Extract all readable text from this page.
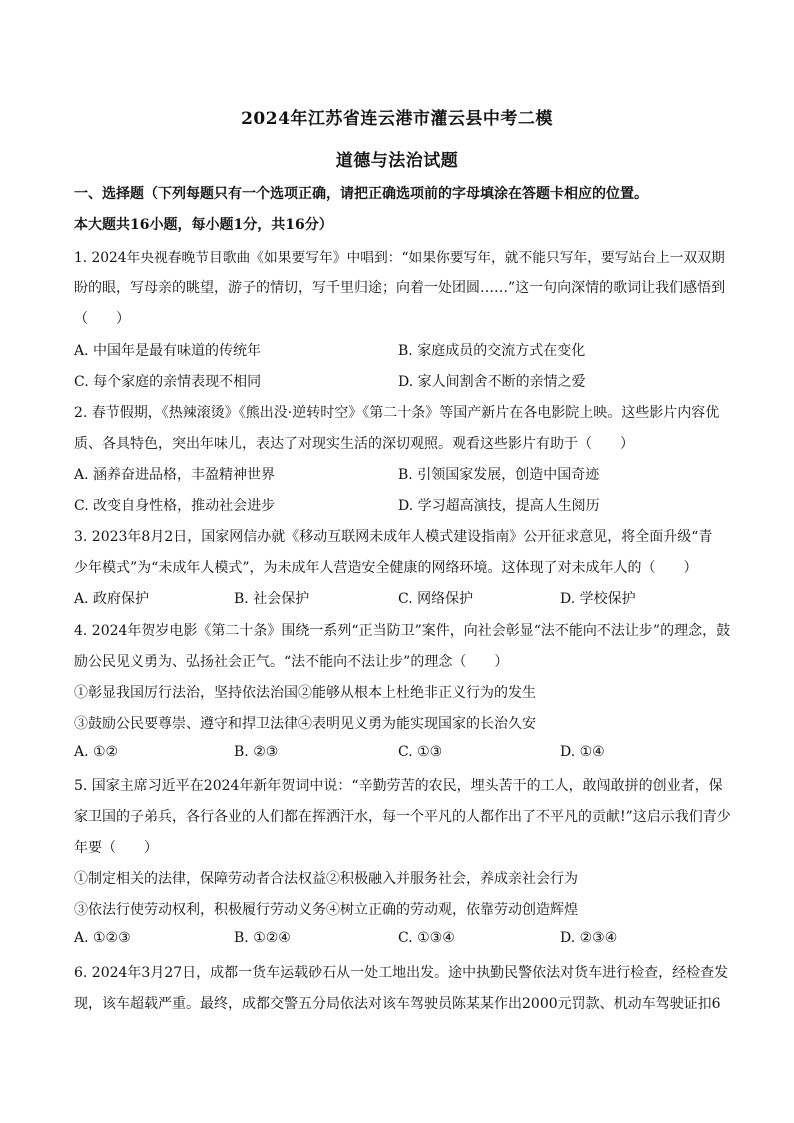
2024年江苏省连云港市灌云县中考二模
道德与法治试题
一、选择题（下列每题只有一个选项正确，请把正确选项前的字母填涂在答题卡相应的位置。
本大题共16小题，每小题1分，共16分）
1. 2024年央视春晚节目歌曲《如果要写年》中唱到：“如果你要写年，就不能只写年，要写站台上一双双期
盼的眼，写母亲的眺望，游子的情切，写千里归途；向着一处团圆……”这一句向深情的歌词让我们感悟到
（　　）
A. 中国年是最有味道的传统年	B. 家庭成员的交流方式在变化
C. 每个家庭的亲情表现不相同	D. 家人间割舍不断的亲情之爱
2. 春节假期，《热辣滚烫》《熊出没·逆转时空》《第二十条》等国产新片在各电影院上映。这些影片内容优
质、各具特色，突出年味儿，表达了对现实生活的深切观照。观看这些影片有助于（　　）
A. 涵养奋进品格，丰盈精神世界	B. 引领国家发展，创造中国奇迹
C. 改变自身性格，推动社会进步	D. 学习超高演技，提高人生阅历
3. 2023年8月2日，国家网信办就《移动互联网未成年人模式建设指南》公开征求意见，将全面升级“青
少年模式”为“未成年人模式”，为未成年人营造安全健康的网络环境。这体现了对未成年人的（　　）
A. 政府保护	B. 社会保护	C. 网络保护	D. 学校保护
4. 2024年贺岁电影《第二十条》围绕一系列“正当防卫”案件，向社会彰显“法不能向不法让步”的理念，鼓
励公民见义勇为、弘扬社会正气。“法不能向不法让步”的理念（　　）
①彰显我国厉行法治，坚持依法治国②能够从根本上杜绝非正义行为的发生
③鼓励公民要尊崇、遵守和捍卫法律④表明见义勇为能实现国家的长治久安
A. ①②	B. ②③	C. ①③	D. ①④
5. 国家主席习近平在2024年新年贺词中说：“辛勤劳苦的农民，埋头苦干的工人，敢闯敢拼的创业者，保
家卫国的子弟兵，各行各业的人们都在挥洒汗水，每一个平凡的人都作出了不平凡的贡献!”这启示我们青少
年要（　　）
①制定相关的法律，保障劳动者合法权益②积极融入并服务社会，养成亲社会行为
③依法行使劳动权利，积极履行劳动义务④树立正确的劳动观，依靠劳动创造辉煌
A. ①②③	B. ①②④	C. ①③④	D. ②③④
6. 2024年3月27日，成都一货车运载砂石从一处工地出发。途中执勤民警依法对货车进行检查，经检查发
现，该车超载严重。最终，成都交警五分局依法对该车驾驶员陈某某作出2000元罚款、机动车驾驶证扣6
